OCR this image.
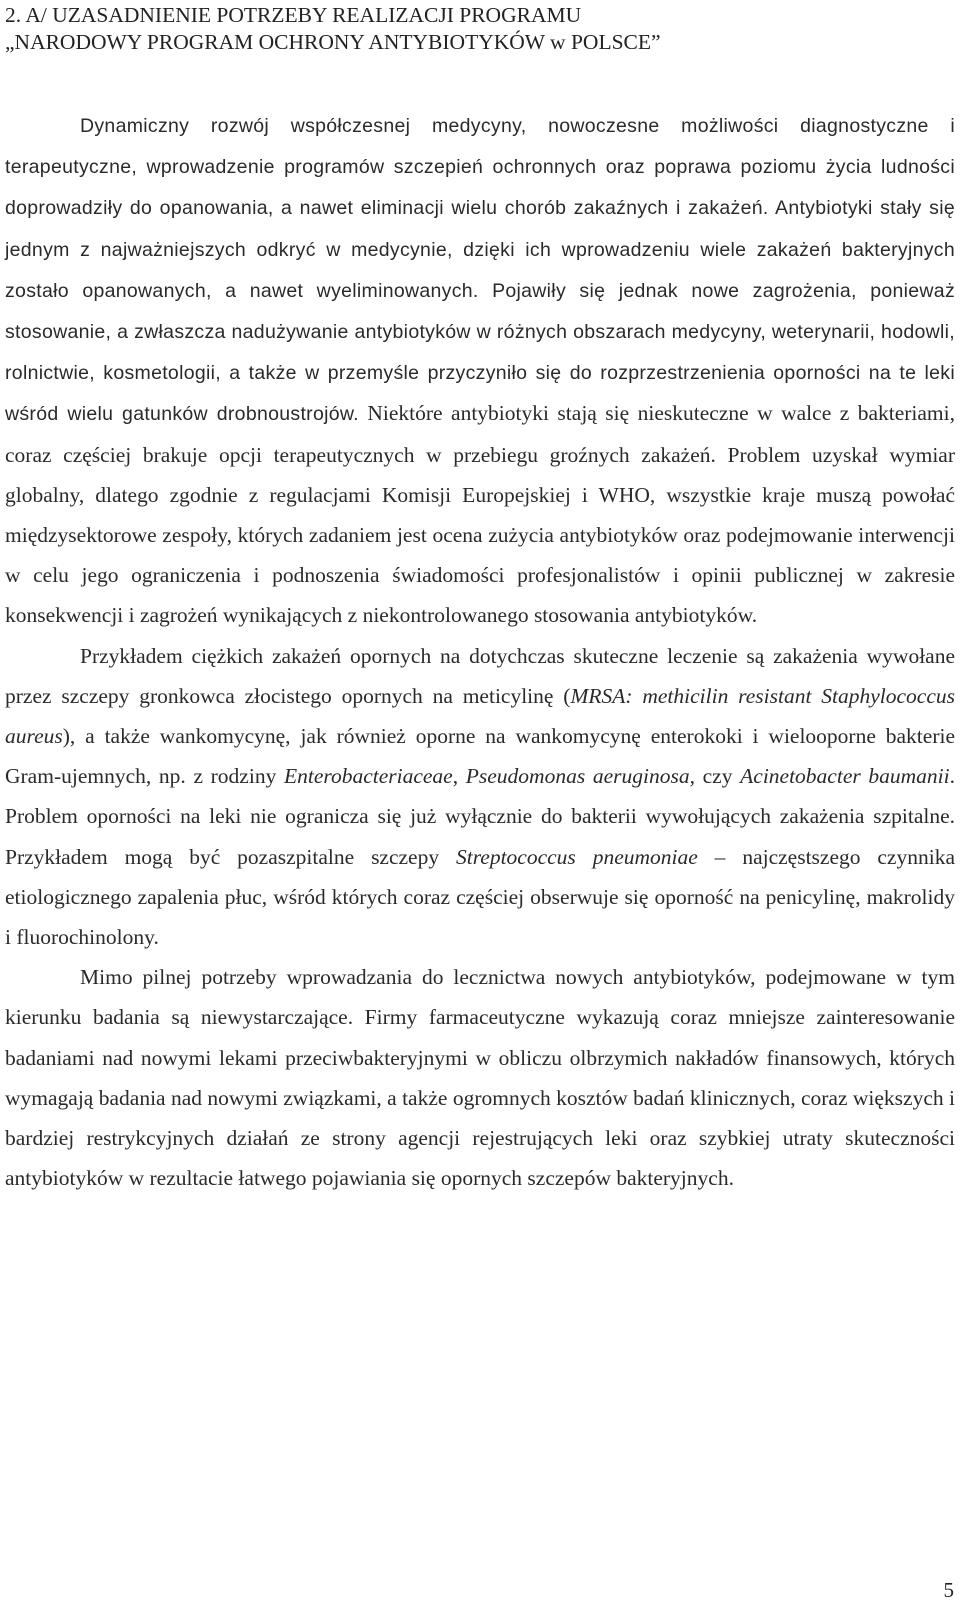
2. A/ UZASADNIENIE POTRZEBY REALIZACJI PROGRAMU
„NARODOWY PROGRAM OCHRONY ANTYBIOTYKÓW w POLSCE”

Dynamiczny rozwój współczesnej medycyny, nowoczesne możliwości diagnostyczne i terapeutyczne, wprowadzenie programów szczepień ochronnych oraz poprawa poziomu życia ludności doprowadziły do opanowania, a nawet eliminacji wielu chorób zakaźnych i zakażeń. Antybiotyki stały się jednym z najważniejszych odkryć w medycynie, dzięki ich wprowadzeniu wiele zakażeń bakteryjnych zostało opanowanych, a nawet wyeliminowanych. Pojawiły się jednak nowe zagrożenia, ponieważ stosowanie, a zwłaszcza nadużywanie antybiotyków w różnych obszarach medycyny, weterynarii, hodowli, rolnictwie, kosmetologii, a także w przemyśle przyczyniło się do rozprzestrzenienia oporności na te leki wśród wielu gatunków drobnoustrojów. Niektóre antybiotyki stają się nieskuteczne w walce z bakteriami, coraz częściej brakuje opcji terapeutycznych w przebiegu groźnych zakażeń. Problem uzyskał wymiar globalny, dlatego zgodnie z regulacjami Komisji Europejskiej i WHO, wszystkie kraje muszą powołać międzysektorowe zespoły, których zadaniem jest ocena zużycia antybiotyków oraz podejmowanie interwencji w celu jego ograniczenia i podnoszenia świadomości profesjonalistów i opinii publicznej w zakresie konsekwencji i zagrożeń wynikających z niekontrolowanego stosowania antybiotyków.

Przykładem ciężkich zakażeń opornych na dotychczas skuteczne leczenie są zakażenia wywołane przez szczepy gronkowca złocistego opornych na meticylinę (MRSA: methicilin resistant Staphylococcus aureus), a także wankomycynę, jak również oporne na wankomycynę enterokoki i wielooporne bakterie Gram-ujemnych, np. z rodziny Enterobacteriaceae, Pseudomonas aeruginosa, czy Acinetobacter baumanii. Problem oporności na leki nie ogranicza się już wyłącznie do bakterii wywołujących zakażenia szpitalne. Przykładem mogą być pozaszpitalne szczepy Streptococcus pneumoniae – najczęstszego czynnika etiologicznego zapalenia płuc, wśród których coraz częściej obserwuje się oporność na penicylinę, makrolidy i fluorochinolony.

Mimo pilnej potrzeby wprowadzania do lecznictwa nowych antybiotyków, podejmowane w tym kierunku badania są niewystarczające. Firmy farmaceutyczne wykazują coraz mniejsze zainteresowanie badaniami nad nowymi lekami przeciwbakteryjnymi w obliczu olbrzymich nakładów finansowych, których wymagają badania nad nowymi związkami, a także ogromnych kosztów badań klinicznych, coraz większych i bardziej restrykcyjnych działań ze strony agencji rejestrujących leki oraz szybkiej utraty skuteczności antybiotyków w rezultacie łatwego pojawiania się opornych szczepów bakteryjnych.

5
